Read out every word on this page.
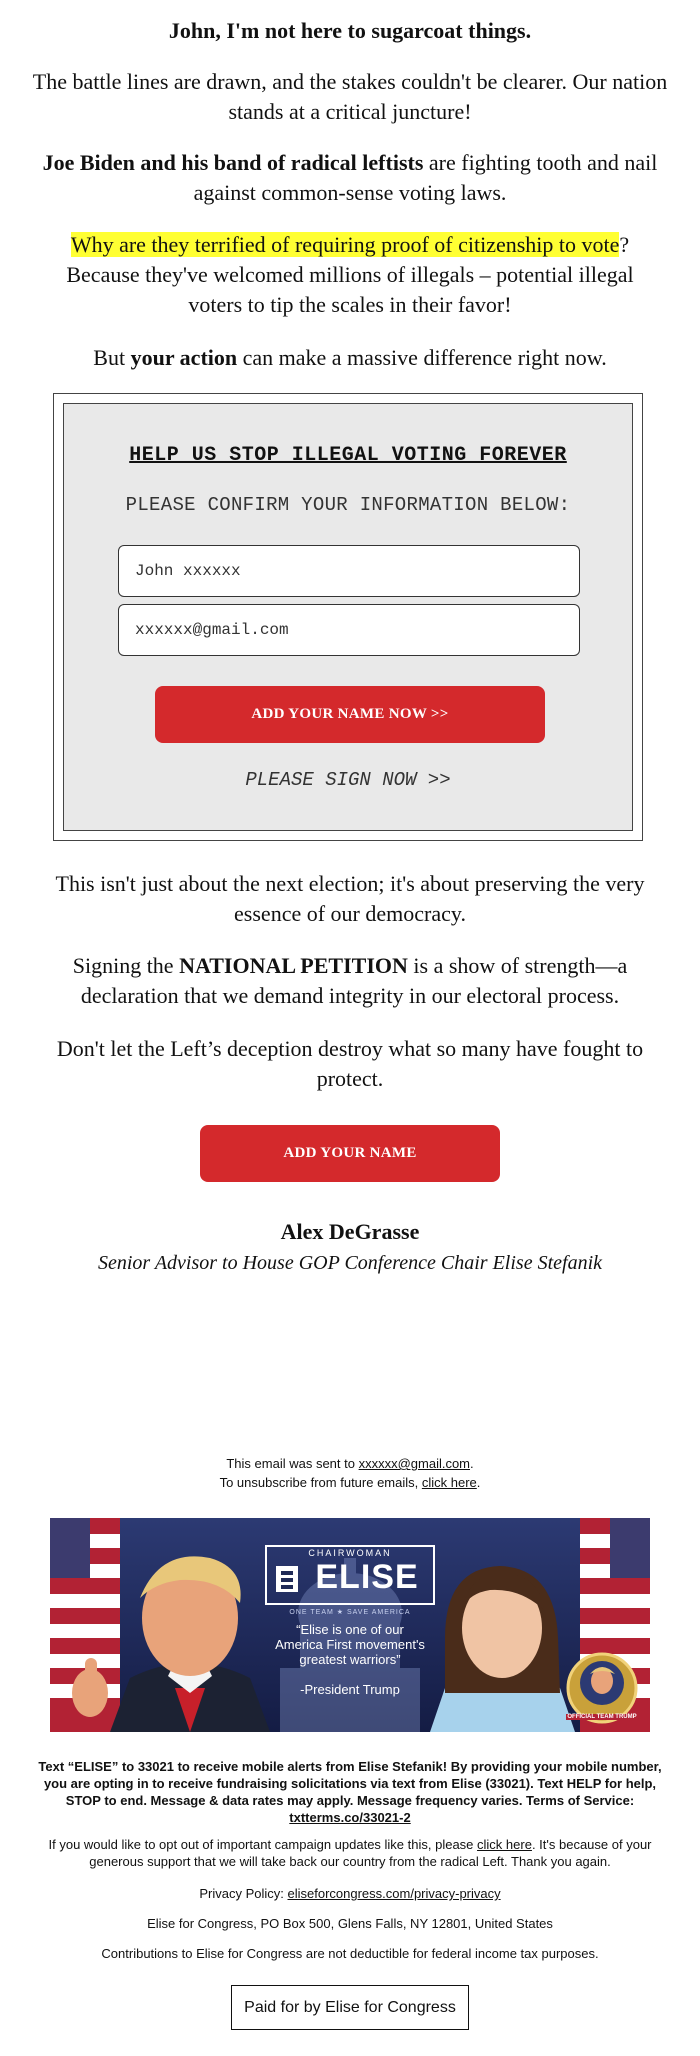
John, I'm not here to sugarcoat things.
The battle lines are drawn, and the stakes couldn't be clearer. Our nation stands at a critical juncture!
Joe Biden and his band of radical leftists are fighting tooth and nail against common-sense voting laws.
Why are they terrified of requiring proof of citizenship to vote? Because they've welcomed millions of illegals – potential illegal voters to tip the scales in their favor!
But your action can make a massive difference right now.
HELP US STOP ILLEGAL VOTING FOREVER
PLEASE CONFIRM YOUR INFORMATION BELOW:
John xxxxxx
xxxxxx@gmail.com
ADD YOUR NAME NOW >>
PLEASE SIGN NOW >>
This isn't just about the next election; it's about preserving the very essence of our democracy.
Signing the NATIONAL PETITION is a show of strength—a declaration that we demand integrity in our electoral process.
Don't let the Left’s deception destroy what so many have fought to protect.
ADD YOUR NAME
Alex DeGrasse
Senior Advisor to House GOP Conference Chair Elise Stefanik
This email was sent to xxxxxx@gmail.com.
To unsubscribe from future emails, click here.
CHAIRWOMAN
ELISE
ONE TEAM ★ SAVE AMERICA
“Elise is one of our America First movement's greatest warriors”
-President Trump
OFFICIAL TEAM TRUMP
Text “ELISE” to 33021 to receive mobile alerts from Elise Stefanik! By providing your mobile number, you are opting in to receive fundraising solicitations via text from Elise (33021). Text HELP for help, STOP to end. Message & data rates may apply. Message frequency varies. Terms of Service: txtterms.co/33021-2
If you would like to opt out of important campaign updates like this, please click here. It's because of your generous support that we will take back our country from the radical Left. Thank you again.
Privacy Policy: eliseforcongress.com/privacy-privacy
Elise for Congress, PO Box 500, Glens Falls, NY 12801, United States
Contributions to Elise for Congress are not deductible for federal income tax purposes.
Paid for by Elise for Congress
